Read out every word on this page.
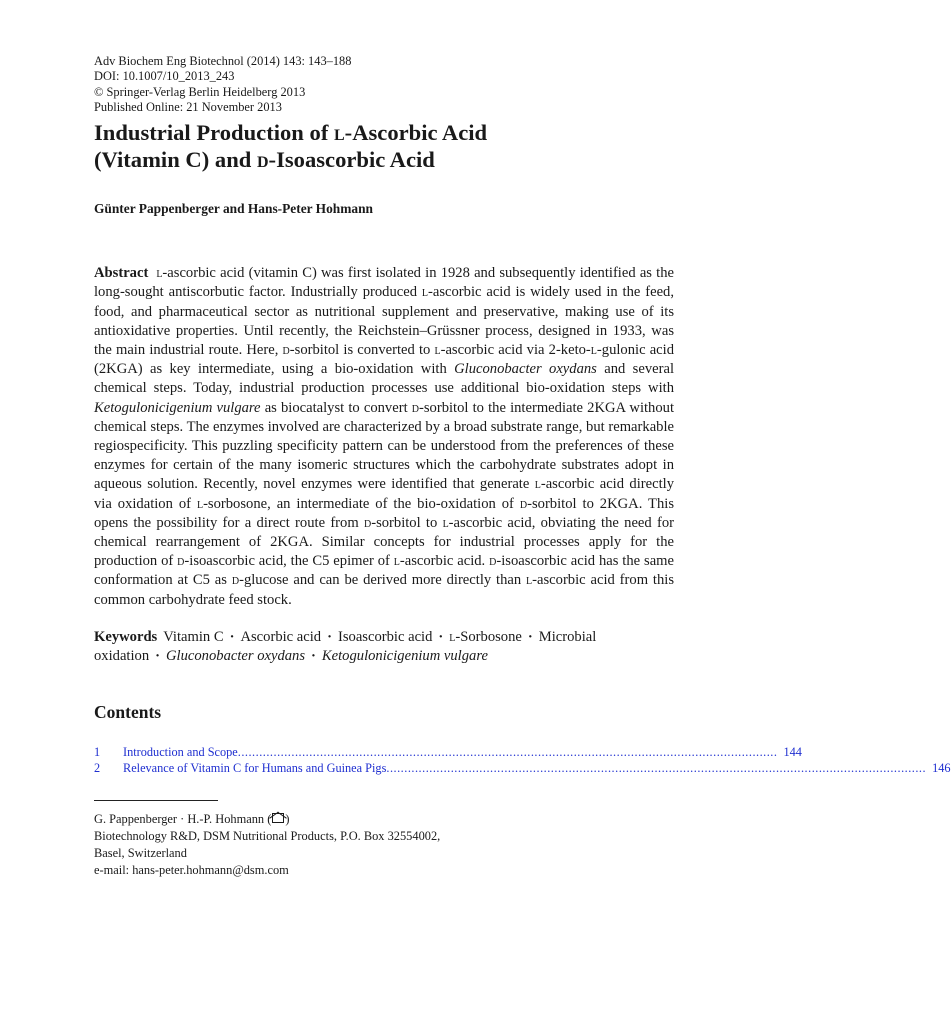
Adv Biochem Eng Biotechnol (2014) 143: 143–188
DOI: 10.1007/10_2013_243
© Springer-Verlag Berlin Heidelberg 2013
Published Online: 21 November 2013
Industrial Production of l-Ascorbic Acid
(Vitamin C) and d-Isoascorbic Acid
Günter Pappenberger and Hans-Peter Hohmann
Abstract l-ascorbic acid (vitamin C) was first isolated in 1928 and subsequently identified as the long-sought antiscorbutic factor. Industrially produced l-ascorbic acid is widely used in the feed, food, and pharmaceutical sector as nutritional supplement and preservative, making use of its antioxidative properties. Until recently, the Reichstein–Grüssner process, designed in 1933, was the main industrial route. Here, d-sorbitol is converted to l-ascorbic acid via 2-keto-l-gulonic acid (2KGA) as key intermediate, using a bio-oxidation with Gluconobacter oxydans and several chemical steps. Today, industrial production processes use additional bio-oxidation steps with Ketogulonicigenium vulgare as biocatalyst to convert d-sorbitol to the intermediate 2KGA without chemical steps. The enzymes involved are characterized by a broad substrate range, but remarkable regiospecificity. This puzzling specificity pattern can be understood from the preferences of these enzymes for certain of the many isomeric structures which the carbohydrate substrates adopt in aqueous solution. Recently, novel enzymes were identified that generate l-ascorbic acid directly via oxidation of l-sorbosone, an intermediate of the bio-oxidation of d-sorbitol to 2KGA. This opens the possibility for a direct route from d-sorbitol to l-ascorbic acid, obviating the need for chemical rearrangement of 2KGA. Similar concepts for industrial processes apply for the production of d-isoascorbic acid, the C5 epimer of l-ascorbic acid. d-isoascorbic acid has the same conformation at C5 as d-glucose and can be derived more directly than l-ascorbic acid from this common carbohydrate feed stock.
Keywords Vitamin C · Ascorbic acid · Isoascorbic acid · l-Sorbosone · Microbial oxidation · Gluconobacter oxydans · Ketogulonicigenium vulgare
Contents
1	Introduction and Scope ....................................................................................................................................................... 144
2	Relevance of Vitamin C for Humans and Guinea Pigs ....................................................................................................................................................... 146
G. Pappenberger · H.-P. Hohmann ( )
Biotechnology R&D, DSM Nutritional Products, P.O. Box 32554002,
Basel, Switzerland
e-mail: hans-peter.hohmann@dsm.com
